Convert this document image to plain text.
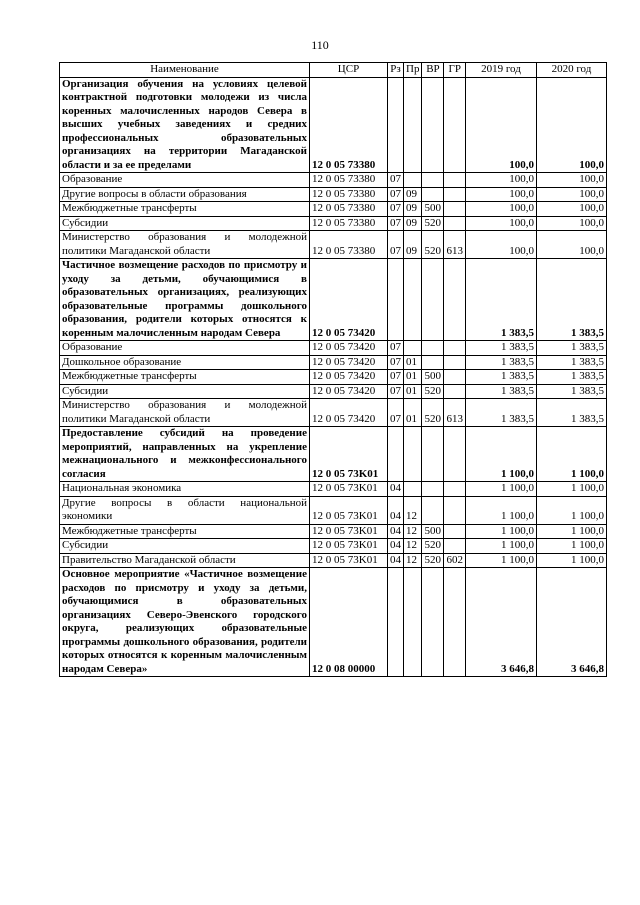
110
Наименование	ЦСР	Рз	Пр	ВР	ГР	2019 год	2020 год
Организация обучения на условиях целевой контрактной подготовки молодежи из числа коренных малочисленных народов Севера в высших учебных заведениях и средних профессиональных образовательных организациях на территории Магаданской области и за ее пределами	12 0 05 73380					100,0	100,0
Образование	12 0 05 73380	07				100,0	100,0
Другие вопросы в области образования	12 0 05 73380	07	09			100,0	100,0
Межбюджетные трансферты	12 0 05 73380	07	09	500		100,0	100,0
Субсидии	12 0 05 73380	07	09	520		100,0	100,0
Министерство образования и молодежной политики Магаданской области	12 0 05 73380	07	09	520	613	100,0	100,0
Частичное возмещение расходов по присмотру и уходу за детьми, обучающимися в образовательных организациях, реализующих образовательные программы дошкольного образования, родители которых относятся к коренным малочисленным народам Севера	12 0 05 73420					1 383,5	1 383,5
Образование	12 0 05 73420	07				1 383,5	1 383,5
Дошкольное образование	12 0 05 73420	07	01			1 383,5	1 383,5
Межбюджетные трансферты	12 0 05 73420	07	01	500		1 383,5	1 383,5
Субсидии	12 0 05 73420	07	01	520		1 383,5	1 383,5
Министерство образования и молодежной политики Магаданской области	12 0 05 73420	07	01	520	613	1 383,5	1 383,5
Предоставление субсидий на проведение мероприятий, направленных на укрепление межнационального и межконфессионального согласия	12 0 05 73K01					1 100,0	1 100,0
Национальная экономика	12 0 05 73K01	04				1 100,0	1 100,0
Другие вопросы в области национальной экономики	12 0 05 73K01	04	12			1 100,0	1 100,0
Межбюджетные трансферты	12 0 05 73K01	04	12	500		1 100,0	1 100,0
Субсидии	12 0 05 73K01	04	12	520		1 100,0	1 100,0
Правительство Магаданской области	12 0 05 73K01	04	12	520	602	1 100,0	1 100,0
Основное мероприятие «Частичное возмещение расходов по присмотру и уходу за детьми, обучающимися в образовательных организациях Северо-Эвенского городского округа, реализующих образовательные программы дошкольного образования, родители которых относятся к коренным малочисленным народам Севера»	12 0 08 00000					3 646,8	3 646,8
